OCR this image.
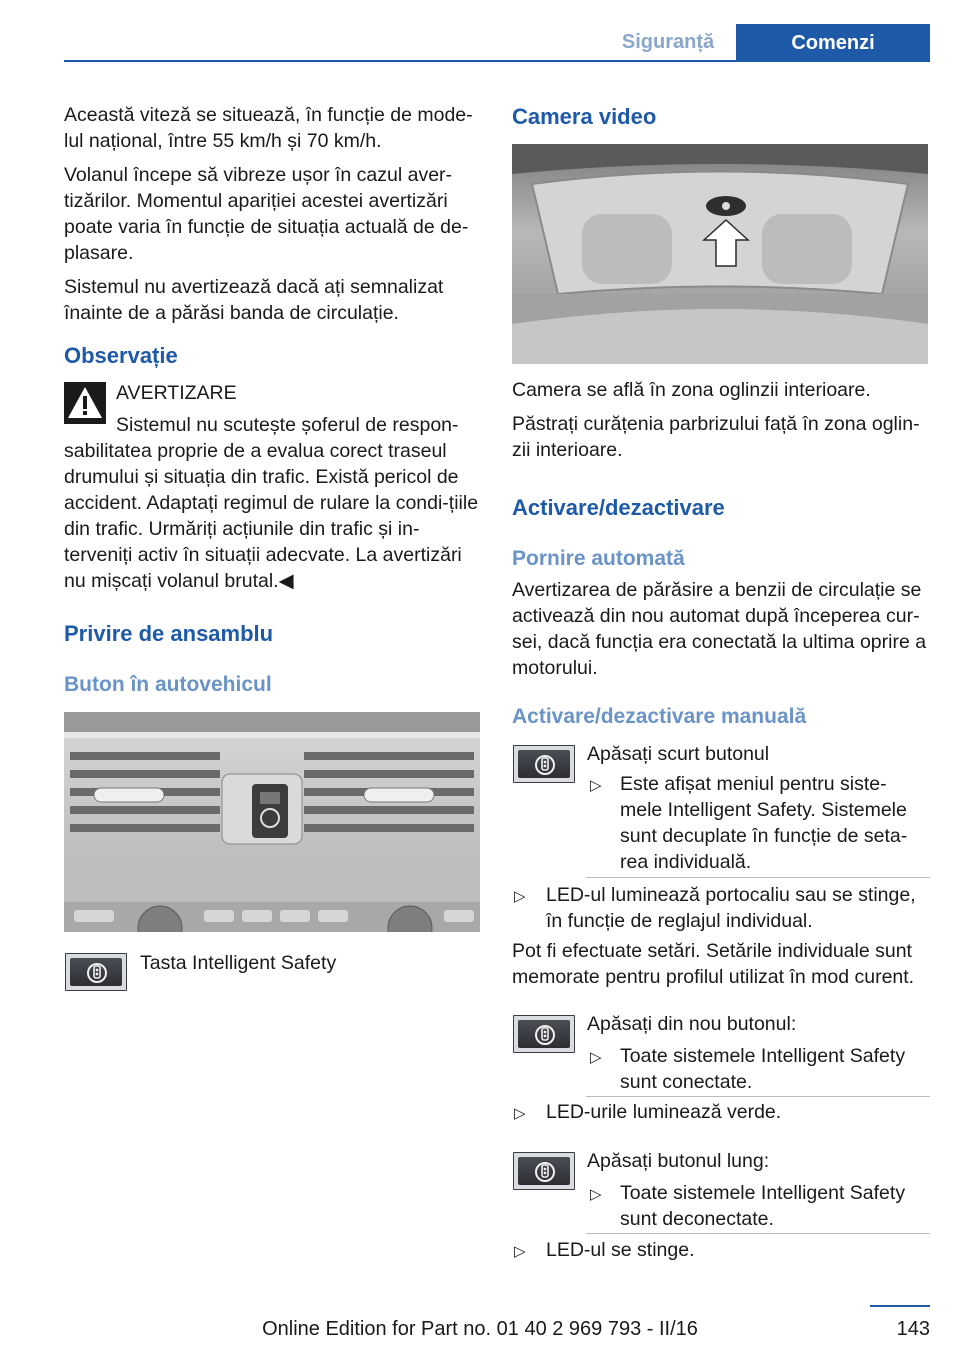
Siguranță	Comenzi

Această viteză se situează, în funcție de mode-lul național, între 55 km/h și 70 km/h.

Volanul începe să vibreze ușor în cazul aver-tizărilor. Momentul apariției acestei avertizări poate varia în funcție de situația actuală de de-plasare.

Sistemul nu avertizează dacă ați semnalizat înainte de a părăsi banda de circulație.

Observație

AVERTIZARE

Sistemul nu scutește șoferul de respon-

sabilitatea proprie de a evalua corect traseul drumului și situația din trafic. Există pericol de accident. Adaptați regimul de rulare la condi-țiile din trafic. Urmăriți acțiunile din trafic și in-terveniți activ în situații adecvate. La avertizări nu mișcați volanul brutal.◀

Privire de ansamblu
Buton în autovehicul

Tasta Intelligent Safety

Camera video

Camera se află în zona oglinzii interioare.

Păstrați curățenia parbrizului față în zona oglin-zii interioare.

Activare/dezactivare
Pornire automată

Avertizarea de părăsire a benzii de circulație se activează din nou automat după începerea cur-sei, dacă funcția era conectată la ultima oprire a motorului.

Activare/dezactivare manuală

Apăsați scurt butonul

▷ Este afișat meniul pentru siste-mele Intelligent Safety. Sistemele sunt decuplate în funcție de seta-rea individuală.

▷ LED-ul luminează portocaliu sau se stinge, în funcție de reglajul individual.

Pot fi efectuate setări. Setările individuale sunt memorate pentru profilul utilizat în mod curent.

Apăsați din nou butonul:

▷ Toate sistemele Intelligent Safety sunt conectate.

▷ LED-urile luminează verde.

Apăsați butonul lung:

▷ Toate sistemele Intelligent Safety sunt deconectate.

▷ LED-ul se stinge.

143
Online Edition for Part no. 01 40 2 969 793 - II/16
